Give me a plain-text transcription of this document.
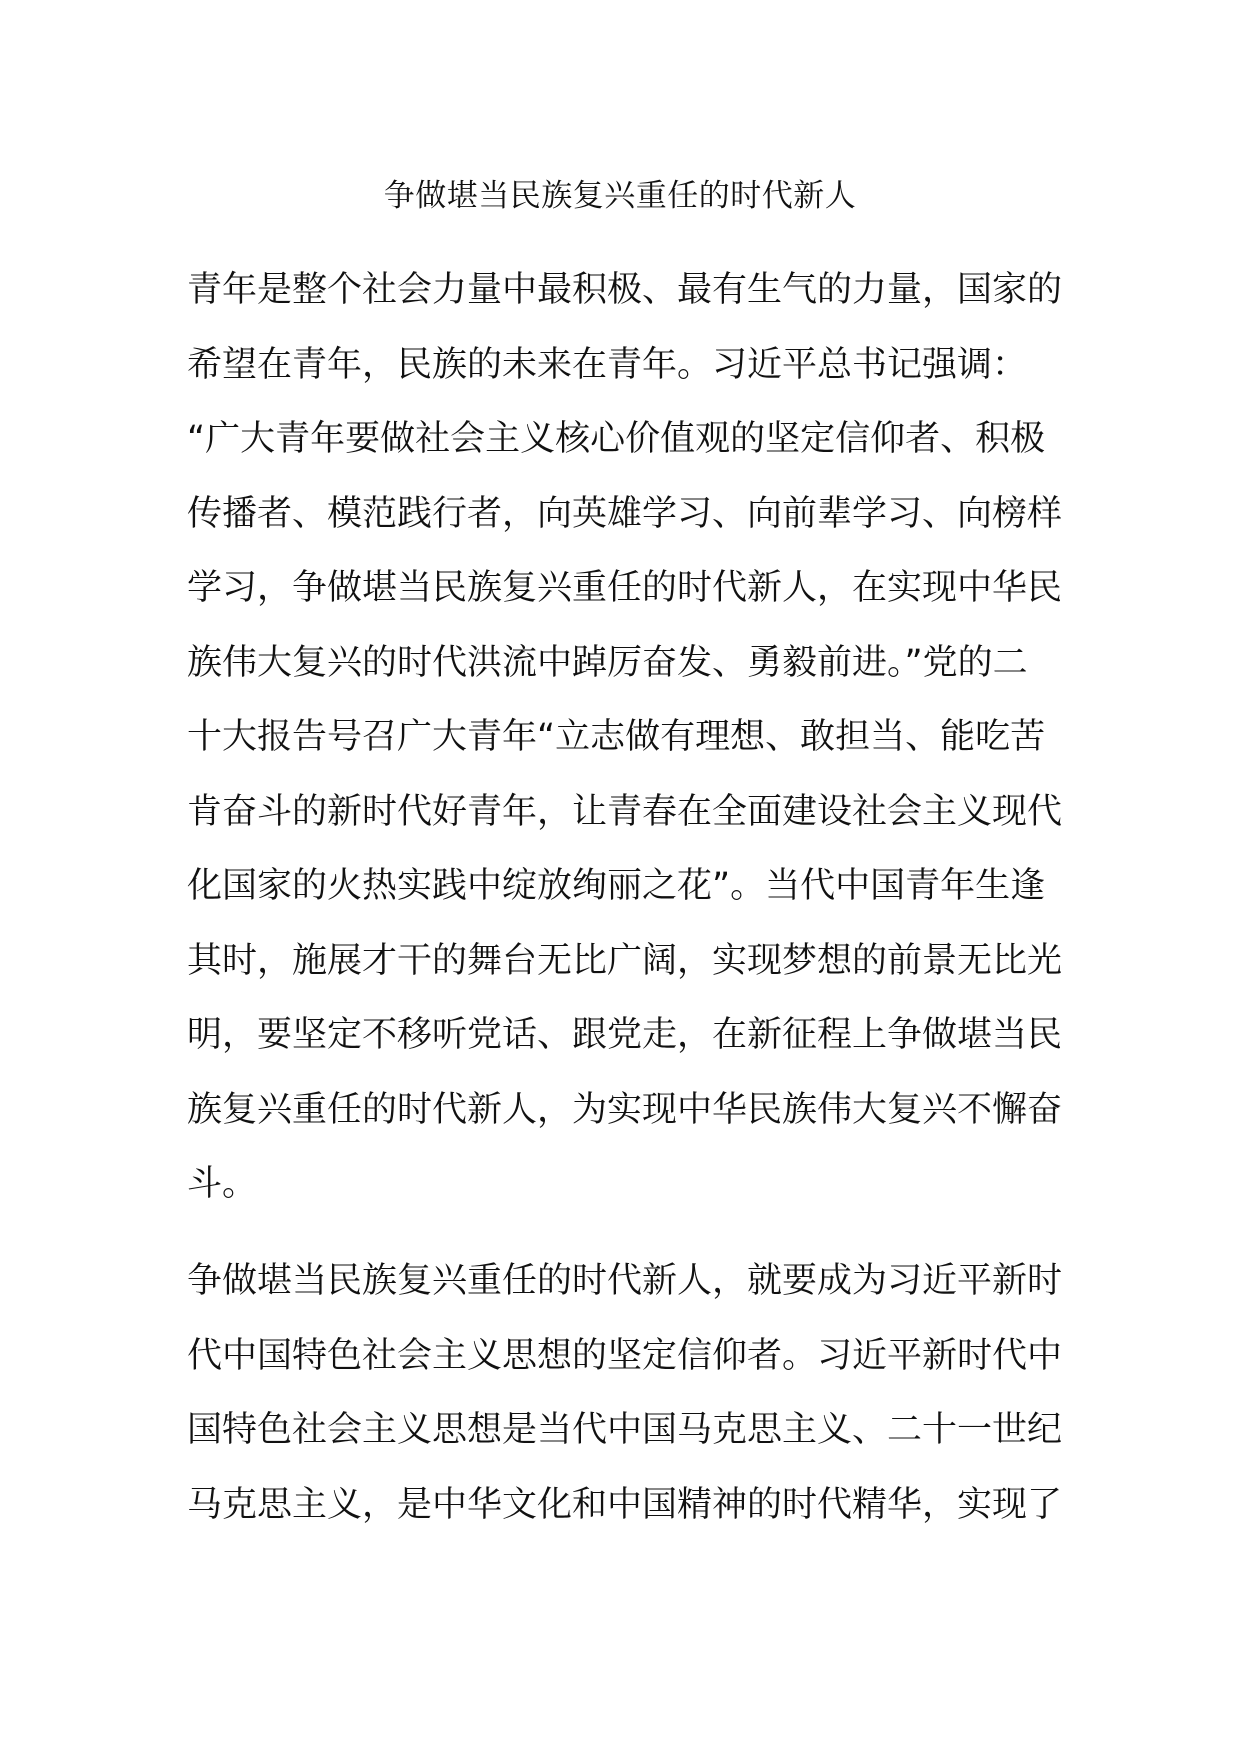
争做堪当民族复兴重任的时代新人
青年是整个社会力量中最积极、最有生气的力量，国家的
希望在青年，民族的未来在青年。习近平总书记强调：
“广大青年要做社会主义核心价值观的坚定信仰者、积极
传播者、模范践行者，向英雄学习、向前辈学习、向榜样
学习，争做堪当民族复兴重任的时代新人，在实现中华民
族伟大复兴的时代洪流中踔厉奋发、勇毅前进。”党的二
十大报告号召广大青年“立志做有理想、敢担当、能吃苦
肯奋斗的新时代好青年，让青春在全面建设社会主义现代
化国家的火热实践中绽放绚丽之花”。当代中国青年生逢
其时，施展才干的舞台无比广阔，实现梦想的前景无比光
明，要坚定不移听党话、跟党走，在新征程上争做堪当民
族复兴重任的时代新人，为实现中华民族伟大复兴不懈奋
斗。
争做堪当民族复兴重任的时代新人，就要成为习近平新时
代中国特色社会主义思想的坚定信仰者。习近平新时代中
国特色社会主义思想是当代中国马克思主义、二十一世纪
马克思主义，是中华文化和中国精神的时代精华，实现了
